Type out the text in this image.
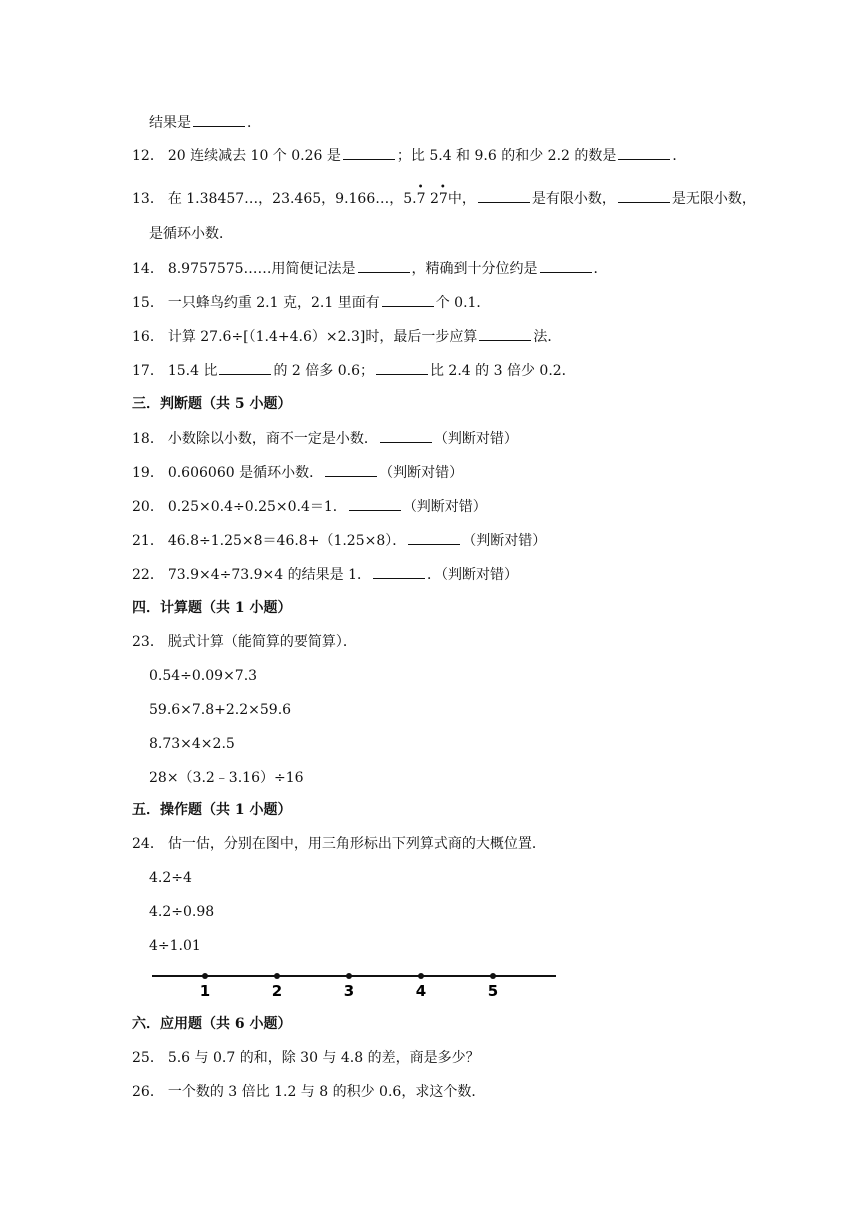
结果是	．
12． 20 连续减去 10 个 0.26 是	；比 5.4 和 9.6 的和少 2.2 的数是	．
13． 在 1.38457…，23.465，9.166…，5.
•
7 2
•
7中，	是有限小数，	是无限小数，
是循环小数．
14． 8.9757575……用简便记法是	，精确到十分位约是	．
15． 一只蜂鸟约重 2.1 克，2.1 里面有	个 0.1．
16． 计算 27.6÷[（1.4+4.6）×2.3]时，最后一步应算	法．
17． 15.4 比	的 2 倍多 0.6；	比 2.4 的 3 倍少 0.2．
三．判断题（共 5 小题）
18． 小数除以小数，商不一定是小数．	（判断对错）
19． 0.606060 是循环小数．	（判断对错）
20． 0.25×0.4÷0.25×0.4＝1．	（判断对错）
21． 46.8÷1.25×8＝46.8+（1.25×8）．	（判断对错）
22． 73.9×4÷73.9×4 的结果是 1．	．（判断对错）
四．计算题（共 1 小题）
23． 脱式计算（能简算的要简算）．
0.54÷0.09×7.3
59.6×7.8+2.2×59.6
8.73×4×2.5
28×（3.2﹣3.16）÷16
五．操作题（共 1 小题）
24． 估一估，分别在图中，用三角形标出下列算式商的大概位置．
4.2÷4
4.2÷0.98
4÷1.01
1	2	3	4	5
六．应用题（共 6 小题）
25． 5.6 与 0.7 的和，除 30 与 4.8 的差，商是多少？
26． 一个数的 3 倍比 1.2 与 8 的积少 0.6，求这个数．
